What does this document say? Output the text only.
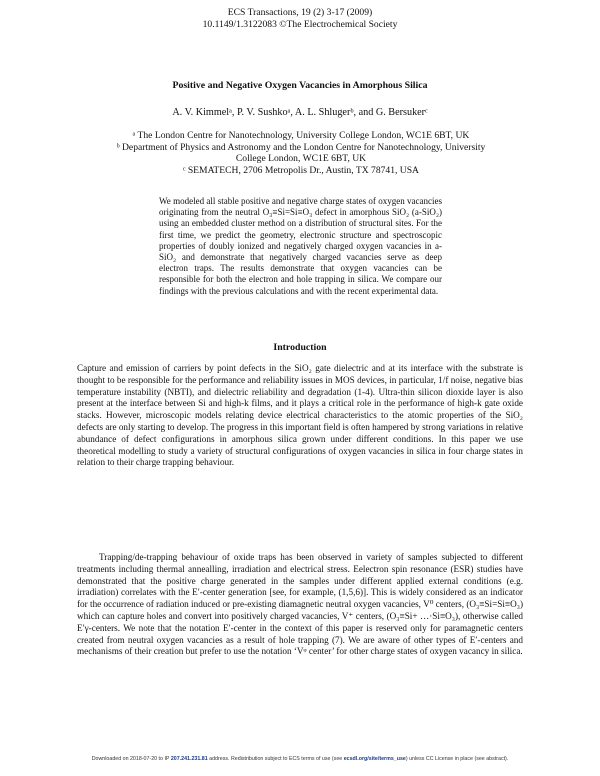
ECS Transactions, 19 (2) 3-17 (2009)
10.1149/1.3122083 ©The Electrochemical Society
Positive and Negative Oxygen Vacancies in Amorphous Silica
A. V. Kimmelᵃ, P. V. Sushkoᵃ, A. L. Shlugerᵇ, and G. Bersukerᶜ
ᵃ The London Centre for Nanotechnology, University College London, WC1E 6BT, UK
ᵇ Department of Physics and Astronomy and the London Centre for Nanotechnology, University College London, WC1E 6BT, UK
ᶜ SEMATECH, 2706 Metropolis Dr., Austin, TX 78741, USA
We modeled all stable positive and negative charge states of oxygen vacancies originating from the neutral O₃≡Si=Si≡O₃ defect in amorphous SiO₂ (a-SiO₂) using an embedded cluster method on a distribution of structural sites. For the first time, we predict the geometry, electronic structure and spectroscopic properties of doubly ionized and negatively charged oxygen vacancies in a-SiO₂ and demonstrate that negatively charged vacancies serve as deep electron traps. The results demonstrate that oxygen vacancies can be responsible for both the electron and hole trapping in silica. We compare our findings with the previous calculations and with the recent experimental data.
Introduction

Capture and emission of carriers by point defects in the SiO₂ gate dielectric and at its interface with the substrate is thought to be responsible for the performance and reliability issues in MOS devices, in particular, 1/f noise, negative bias temperature instability (NBTI), and dielectric reliability and degradation (1-4). Ultra-thin silicon dioxide layer is also present at the interface between Si and high-k films, and it plays a critical role in the performance of high-k gate oxide stacks. However, microscopic models relating device electrical characteristics to the atomic properties of the SiO₂ defects are only starting to develop. The progress in this important field is often hampered by strong variations in relative abundance of defect configurations in amorphous silica grown under different conditions. In this paper we use theoretical modelling to study a variety of structural configurations of oxygen vacancies in silica in four charge states in relation to their charge trapping behaviour.

Trapping/de-trapping behaviour of oxide traps has been observed in variety of samples subjected to different treatments including thermal annealling, irradiation and electrical stress. Eelectron spin resonance (ESR) studies have demonstrated that the positive charge generated in the samples under different applied external conditions (e.g. irradiation) correlates with the E′-center generation [see, for example, (1,5,6)]. This is widely considered as an indicator for the occurrence of radiation induced or pre-existing diamagnetic neutral oxygen vacancies, V⁰ centers, (O₃≡Si=Si≡O₃) which can capture holes and convert into positively charged vacancies, V⁺ centers, (O₃≡Si+ …·Si≡O₃), otherwise called E′γ-centers. We note that the notation E′-center in the context of this paper is reserved only for paramagnetic centers created from neutral oxygen vacancies as a result of hole trapping (7). We are aware of other types of E′-centers and mechanisms of their creation but prefer to use the notation ‘Vᵠ center’ for other charge states of oxygen vacancy in silica.

Downloaded on 2018-07-20 to IP 207.241.231.81 address. Redistribution subject to ECS terms of use (see ecsdl.org/site/terms_use) unless CC License in place (see abstract).
